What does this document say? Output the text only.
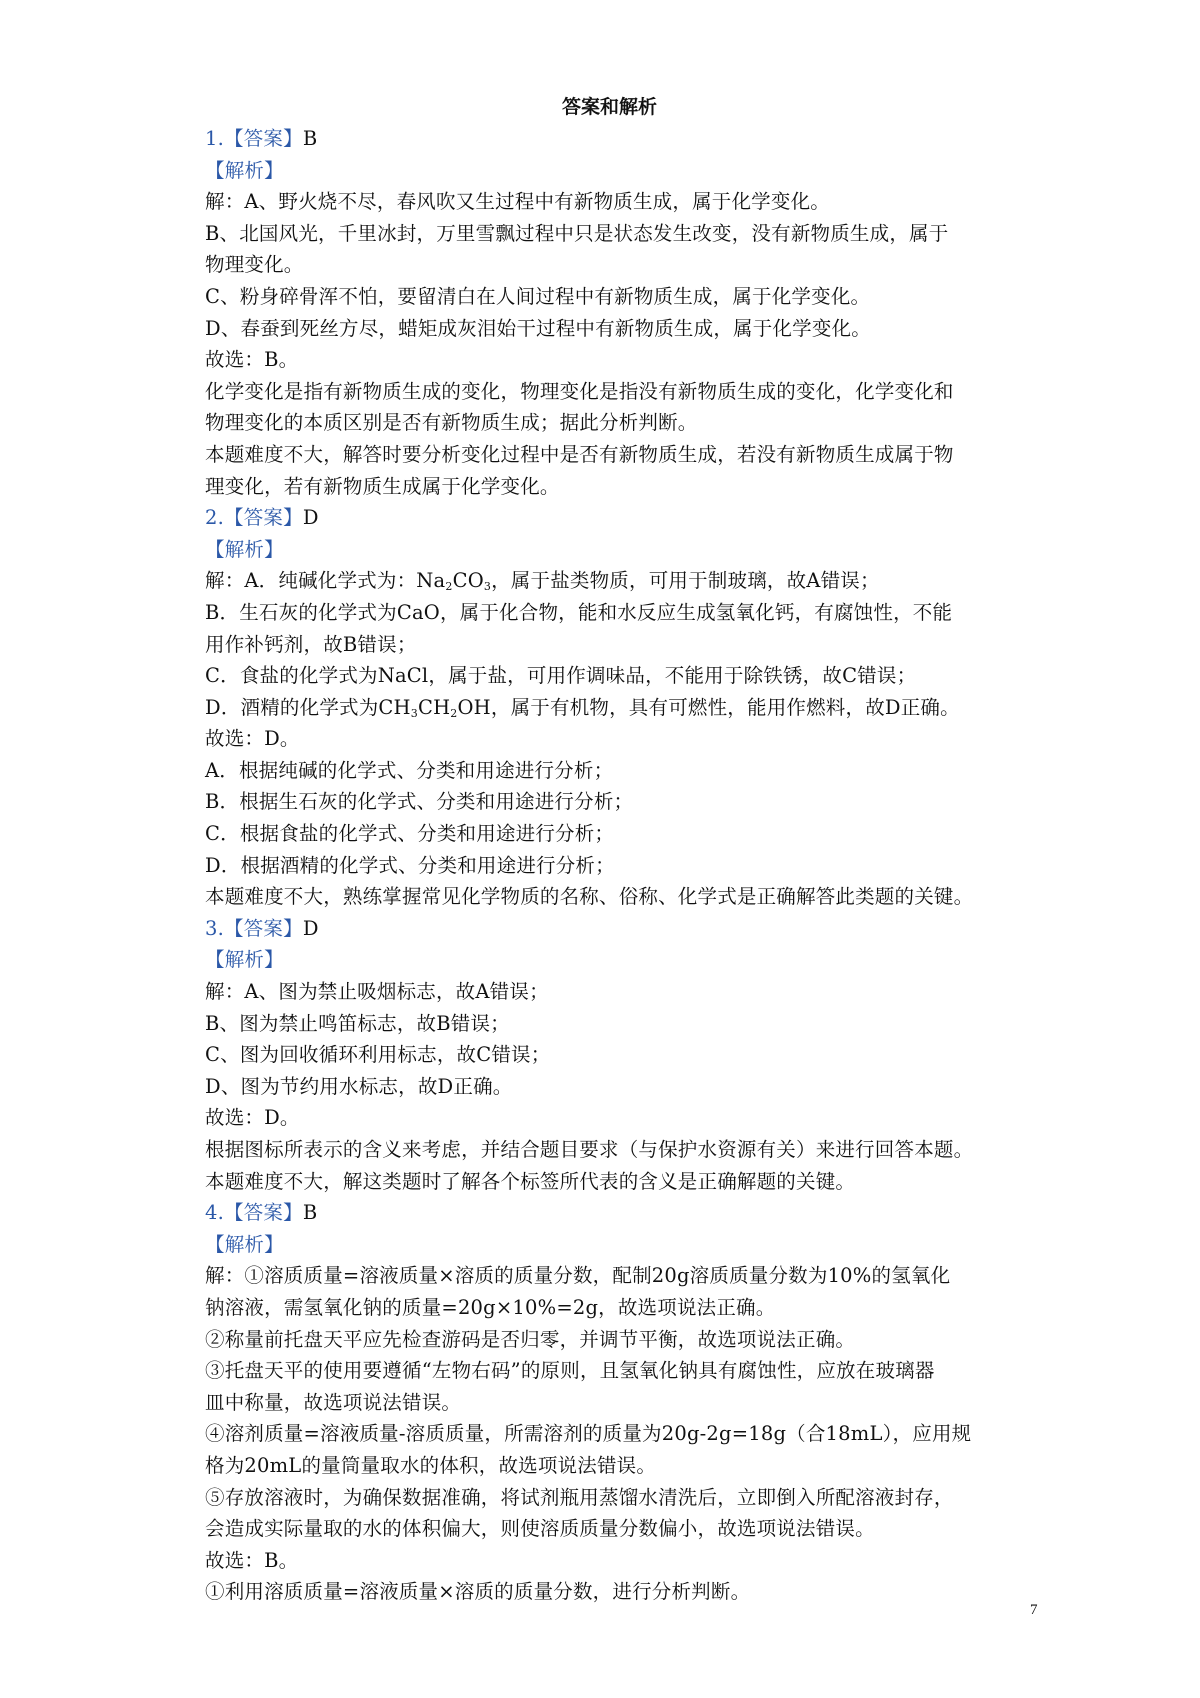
答案和解析
1.【答案】B
【解析】
解：A、野火烧不尽，春风吹又生过程中有新物质生成，属于化学变化。
B、北国风光，千里冰封，万里雪飘过程中只是状态发生改变，没有新物质生成，属于
物理变化。
C、粉身碎骨浑不怕，要留清白在人间过程中有新物质生成，属于化学变化。
D、春蚕到死丝方尽，蜡矩成灰泪始干过程中有新物质生成，属于化学变化。
故选：B。
化学变化是指有新物质生成的变化，物理变化是指没有新物质生成的变化，化学变化和
物理变化的本质区别是否有新物质生成；据此分析判断。
本题难度不大，解答时要分析变化过程中是否有新物质生成，若没有新物质生成属于物
理变化，若有新物质生成属于化学变化。
2.【答案】D
【解析】
解：A．纯碱化学式为：$Na_2CO_3$，属于盐类物质，可用于制玻璃，故A错误；
B．生石灰的化学式为CaO，属于化合物，能和水反应生成氢氧化钙，有腐蚀性，不能
用作补钙剂，故B错误；
C．食盐的化学式为NaCl，属于盐，可用作调味品，不能用于除铁锈，故C错误；
D．酒精的化学式为$CH_3CH_2OH$，属于有机物，具有可燃性，能用作燃料，故D正确。
故选：D。
A．根据纯碱的化学式、分类和用途进行分析；
B．根据生石灰的化学式、分类和用途进行分析；
C．根据食盐的化学式、分类和用途进行分析；
D．根据酒精的化学式、分类和用途进行分析；
本题难度不大，熟练掌握常见化学物质的名称、俗称、化学式是正确解答此类题的关键。
3.【答案】D
【解析】
解：A、图为禁止吸烟标志，故A错误；
B、图为禁止鸣笛标志，故B错误；
C、图为回收循环利用标志，故C错误；
D、图为节约用水标志，故D正确。
故选：D。
根据图标所表示的含义来考虑，并结合题目要求（与保护水资源有关）来进行回答本题。
本题难度不大，解这类题时了解各个标签所代表的含义是正确解题的关键。
4.【答案】B
【解析】
解：①溶质质量=溶液质量×溶质的质量分数，配制20g溶质质量分数为10%的氢氧化
钠溶液，需氢氧化钠的质量=20g×10%=2g，故选项说法正确。
②称量前托盘天平应先检查游码是否归零，并调节平衡，故选项说法正确。
③托盘天平的使用要遵循“左物右码”的原则，且氢氧化钠具有腐蚀性，应放在玻璃器
皿中称量，故选项说法错误。
④溶剂质量=溶液质量-溶质质量，所需溶剂的质量为20g-2g=18g（合18mL），应用规
格为20mL的量筒量取水的体积，故选项说法错误。
⑤存放溶液时，为确保数据准确，将试剂瓶用蒸馏水清洗后，立即倒入所配溶液封存，
会造成实际量取的水的体积偏大，则使溶质质量分数偏小，故选项说法错误。
故选：B。
①利用溶质质量=溶液质量×溶质的质量分数，进行分析判断。
7
